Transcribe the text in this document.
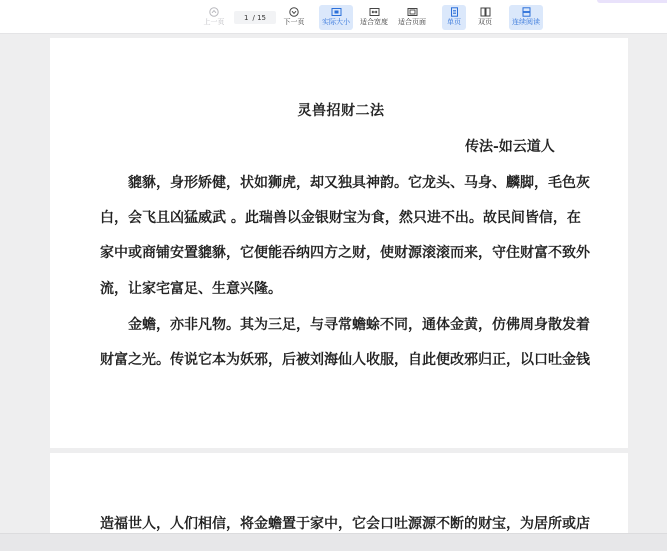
上一页
1 / 15
下一页	实际大小	适合宽度	适合页面	单页	双页	连续阅读
灵兽招财二法
传法-如云道人
　　貔貅，身形矫健，状如狮虎，却又独具神韵。它龙头、马身、麟脚，毛色灰
白，会飞且凶猛威武 。此瑞兽以金银财宝为食，然只进不出。故民间皆信，在
家中或商铺安置貔貅，它便能吞纳四方之财，使财源滚滚而来，守住财富不致外
流，让家宅富足、生意兴隆。
　　金蟾，亦非凡物。其为三足，与寻常蟾蜍不同，通体金黄，仿佛周身散发着
财富之光。传说它本为妖邪，后被刘海仙人收服，自此便改邪归正，以口吐金钱
造福世人，人们相信，将金蟾置于家中，它会口吐源源不断的财宝，为居所或店
